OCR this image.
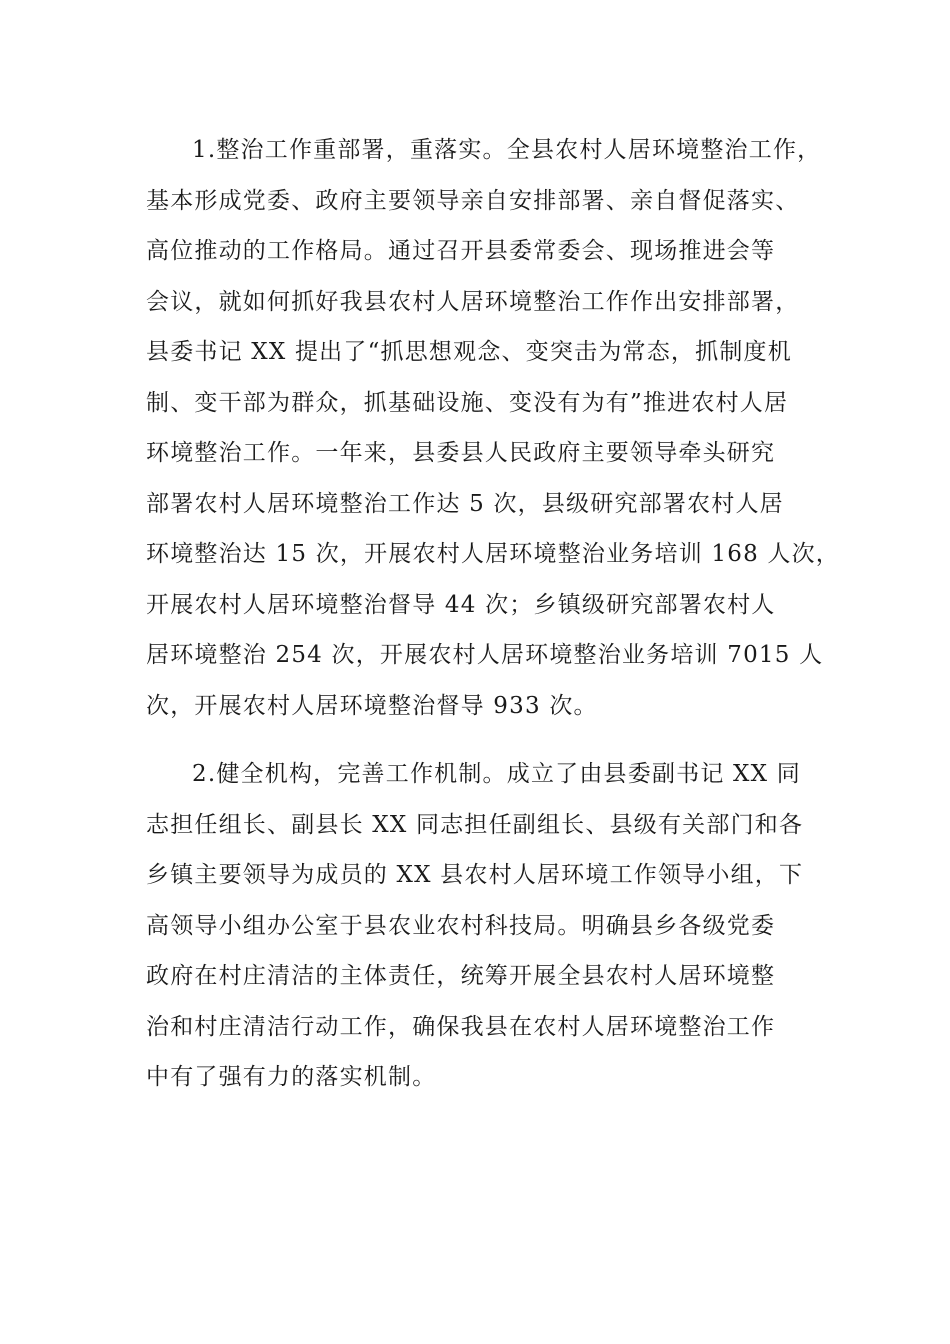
1.整治工作重部署，重落实。全县农村人居环境整治工作，
基本形成党委、政府主要领导亲自安排部署、亲自督促落实、
高位推动的工作格局。通过召开县委常委会、现场推进会等
会议，就如何抓好我县农村人居环境整治工作作出安排部署，
县委书记 XX 提出了“抓思想观念、变突击为常态，抓制度机
制、变干部为群众，抓基础设施、变没有为有”推进农村人居
环境整治工作。一年来，县委县人民政府主要领导牵头研究
部署农村人居环境整治工作达 5 次，县级研究部署农村人居
环境整治达 15 次，开展农村人居环境整治业务培训 168 人次，
开展农村人居环境整治督导 44 次；乡镇级研究部署农村人
居环境整治 254 次，开展农村人居环境整治业务培训 7015 人
次，开展农村人居环境整治督导 933 次。
2.健全机构，完善工作机制。成立了由县委副书记 XX 同
志担任组长、副县长 XX 同志担任副组长、县级有关部门和各
乡镇主要领导为成员的 XX 县农村人居环境工作领导小组，下
高领导小组办公室于县农业农村科技局。明确县乡各级党委
政府在村庄清洁的主体责任，统筹开展全县农村人居环境整
治和村庄清洁行动工作，确保我县在农村人居环境整治工作
中有了强有力的落实机制。
